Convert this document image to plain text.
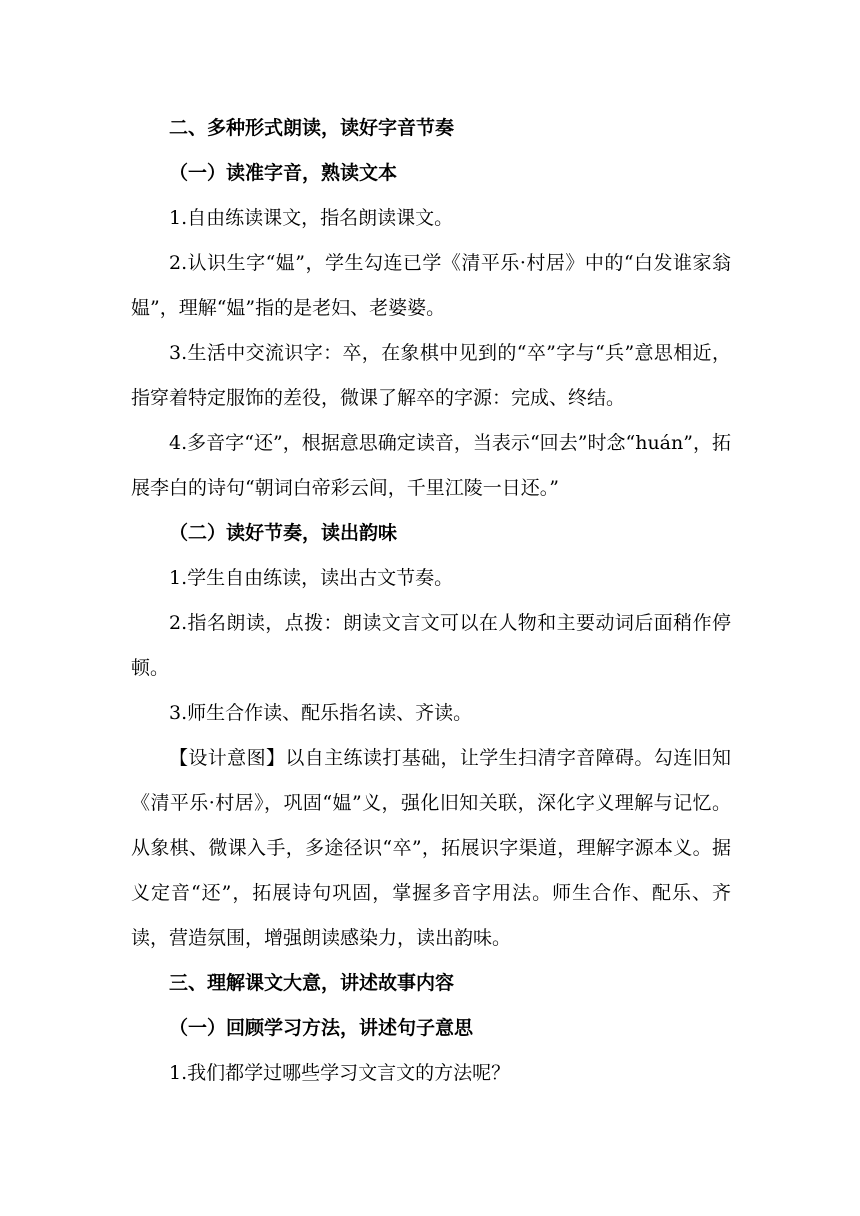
二、多种形式朗读，读好字音节奏

（一）读准字音，熟读文本

1.自由练读课文，指名朗读课文。

2.认识生字“媪”，学生勾连已学《清平乐·村居》中的“白发谁家翁媪”，理解“媪”指的是老妇、老婆婆。

3.生活中交流识字：卒，在象棋中见到的“卒”字与“兵”意思相近，指穿着特定服饰的差役，微课了解卒的字源：完成、终结。

4.多音字“还”，根据意思确定读音，当表示“回去”时念“huán”，拓展李白的诗句“朝词白帝彩云间，千里江陵一日还。”

（二）读好节奏，读出韵味

1.学生自由练读，读出古文节奏。

2.指名朗读，点拨：朗读文言文可以在人物和主要动词后面稍作停顿。

3.师生合作读、配乐指名读、齐读。

【设计意图】以自主练读打基础，让学生扫清字音障碍。勾连旧知《清平乐·村居》，巩固“媪”义，强化旧知关联，深化字义理解与记忆。从象棋、微课入手，多途径识“卒”，拓展识字渠道，理解字源本义。据义定音“还”，拓展诗句巩固，掌握多音字用法。师生合作、配乐、齐读，营造氛围，增强朗读感染力，读出韵味。

三、理解课文大意，讲述故事内容

（一）回顾学习方法，讲述句子意思

1.我们都学过哪些学习文言文的方法呢？
